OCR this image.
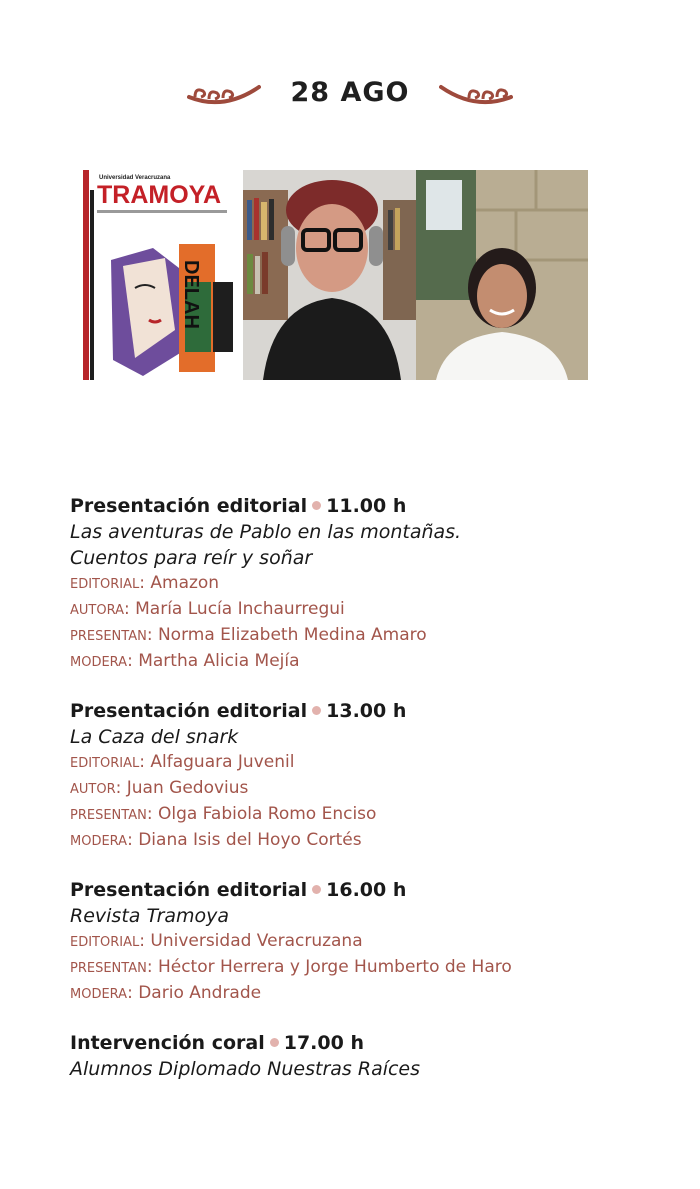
28 AGO
Universidad Veracruzana
TRAMOYA
DELAH
Presentación editorial 11.00 h
Las aventuras de Pablo en las montañas.
Cuentos para reír y soñar
EDITORIAL: Amazon
AUTORA: María Lucía Inchaurregui
PRESENTAN: Norma Elizabeth Medina Amaro
MODERA: Martha Alicia Mejía
Presentación editorial 13.00 h
La Caza del snark
EDITORIAL: Alfaguara Juvenil
AUTOR: Juan Gedovius
PRESENTAN: Olga Fabiola Romo Enciso
MODERA: Diana Isis del Hoyo Cortés
Presentación editorial 16.00 h
Revista Tramoya
EDITORIAL: Universidad Veracruzana
PRESENTAN: Héctor Herrera y Jorge Humberto de Haro
MODERA: Dario Andrade
Intervención coral 17.00 h
Alumnos Diplomado Nuestras Raíces
